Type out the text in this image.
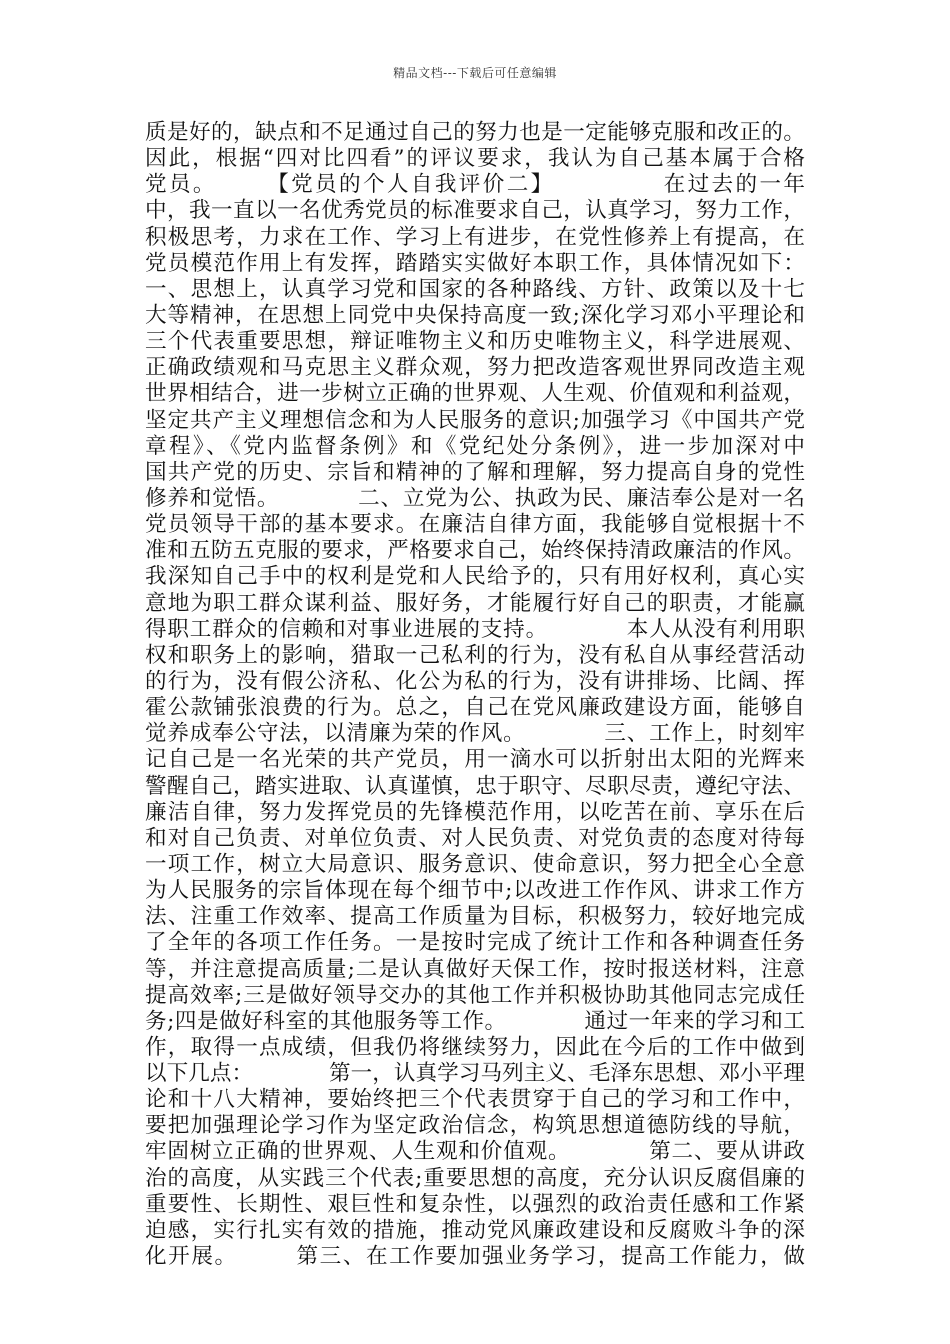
精品文档---下载后可任意编辑
质是好的，缺点和不足通过自己的努力也是一定能够克服和改正的。
因此，根据“四对比四看”的评议要求，我认为自己基本属于合格
党员。　　　【党员的个人自我评价二】　　　　　在过去的一年
中，我一直以一名优秀党员的标准要求自己，认真学习，努力工作，
积极思考，力求在工作、学习上有进步，在党性修养上有提高，在
党员模范作用上有发挥，踏踏实实做好本职工作，具体情况如下：
一、思想上，认真学习党和国家的各种路线、方针、政策以及十七
大等精神，在思想上同党中央保持高度一致;深化学习邓小平理论和
三个代表重要思想，辩证唯物主义和历史唯物主义，科学进展观、
正确政绩观和马克思主义群众观，努力把改造客观世界同改造主观
世界相结合，进一步树立正确的世界观、人生观、价值观和利益观，
坚定共产主义理想信念和为人民服务的意识;加强学习《中国共产党
章程》、《党内监督条例》和《党纪处分条例》，进一步加深对中
国共产党的历史、宗旨和精神的了解和理解，努力提高自身的党性
修养和觉悟。　　　　二、立党为公、执政为民、廉洁奉公是对一名
党员领导干部的基本要求。在廉洁自律方面，我能够自觉根据十不
准和五防五克服的要求，严格要求自己，始终保持清政廉洁的作风。
我深知自己手中的权利是党和人民给予的，只有用好权利，真心实
意地为职工群众谋利益、服好务，才能履行好自己的职责，才能赢
得职工群众的信赖和对事业进展的支持。　　　　本人从没有利用职
权和职务上的影响，猎取一己私利的行为，没有私自从事经营活动
的行为，没有假公济私、化公为私的行为，没有讲排场、比阔、挥
霍公款铺张浪费的行为。总之，自己在党风廉政建设方面，能够自
觉养成奉公守法，以清廉为荣的作风。　　　　三、工作上，时刻牢
记自己是一名光荣的共产党员，用一滴水可以折射出太阳的光辉来
警醒自己，踏实进取、认真谨慎，忠于职守、尽职尽责，遵纪守法、
廉洁自律，努力发挥党员的先锋模范作用，以吃苦在前、享乐在后
和对自己负责、对单位负责、对人民负责、对党负责的态度对待每
一项工作，树立大局意识、服务意识、使命意识，努力把全心全意
为人民服务的宗旨体现在每个细节中;以改进工作作风、讲求工作方
法、注重工作效率、提高工作质量为目标，积极努力，较好地完成
了全年的各项工作任务。一是按时完成了统计工作和各种调查任务
等，并注意提高质量;二是认真做好天保工作，按时报送材料，注意
提高效率;三是做好领导交办的其他工作并积极协助其他同志完成任
务;四是做好科室的其他服务等工作。　　　　通过一年来的学习和工
作，取得一点成绩，但我仍将继续努力，因此在今后的工作中做到
以下几点：　　　　第一，认真学习马列主义、毛泽东思想、邓小平理
论和十八大精神，要始终把三个代表贯穿于自己的学习和工作中，
要把加强理论学习作为坚定政治信念，构筑思想道德防线的导航，
牢固树立正确的世界观、人生观和价值观。　　　　第二、要从讲政
治的高度，从实践三个代表;重要思想的高度，充分认识反腐倡廉的
重要性、长期性、艰巨性和复杂性，以强烈的政治责任感和工作紧
迫感，实行扎实有效的措施，推动党风廉政建设和反腐败斗争的深
化开展。　　　第三、在工作要加强业务学习，提高工作能力，做
